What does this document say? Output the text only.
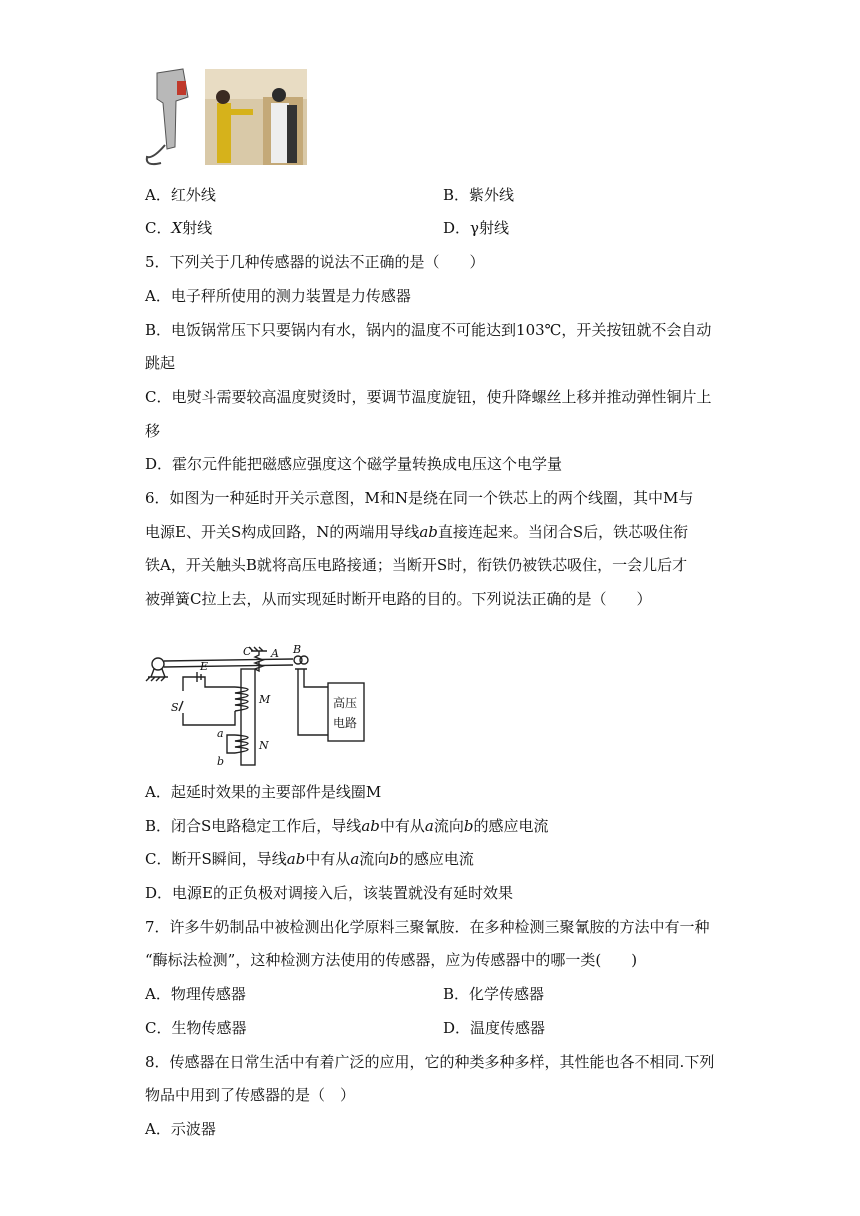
A．红外线	B．紫外线
C．X射线	D．γ射线
5．下列关于几种传感器的说法不正确的是（　　）
A．电子秤所使用的测力装置是力传感器
B．电饭锅常压下只要锅内有水，锅内的温度不可能达到103℃，开关按钮就不会自动
跳起
C．电熨斗需要较高温度熨烫时，要调节温度旋钮，使升降螺丝上移并推动弹性铜片上
移
D．霍尔元件能把磁感应强度这个磁学量转换成电压这个电学量
6．如图为一种延时开关示意图，M和N是绕在同一个铁芯上的两个线圈，其中M与
电源E、开关S构成回路，N的两端用导线ab直接连起来。当闭合S后，铁芯吸住衔
铁A，开关触头B就将高压电路接通；当断开S时，衔铁仍被铁芯吸住，一会儿后才
被弹簧C拉上去，从而实现延时断开电路的目的。下列说法正确的是（　　）
C A B
E
S
M
N
a
b
高压
电路
A．起延时效果的主要部件是线圈M
B．闭合S电路稳定工作后，导线ab中有从a流向b的感应电流
C．断开S瞬间，导线ab中有从a流向b的感应电流
D．电源E的正负极对调接入后，该装置就没有延时效果
7．许多牛奶制品中被检测出化学原料三聚氰胺．在多种检测三聚氰胺的方法中有一种
“酶标法检测”，这种检测方法使用的传感器，应为传感器中的哪一类(　　)
A．物理传感器	B．化学传感器
C．生物传感器	D．温度传感器
8．传感器在日常生活中有着广泛的应用，它的种类多种多样，其性能也各不相同.下列
物品中用到了传感器的是（　）
A．示波器
